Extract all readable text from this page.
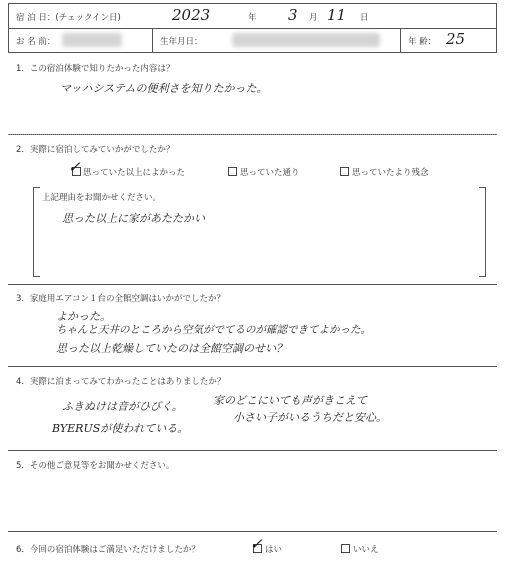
宿 泊 日：(チェックイン日)	2023	年 3 月 11 日
お 名 前：	生年月日：	年 齢： 25
1．この宿泊体験で知りたかった内容は？
マッハシステムの便利さを知りたかった。
2．実際に宿泊してみていかがでしたか？
✓ 思っていた以上によかった	思っていた通り	思っていたより残念
上記理由をお聞かせください。
思った以上に家があたたかい
3．家庭用エアコン１台の全館空調はいかがでしたか？
よかった。
ちゃんと天井のところから空気がでてるのが確認できてよかった。
思った以上乾燥していたのは全館空調のせい？
4．実際に泊まってみてわかったことはありましたか？
ふきぬけは音がひびく。
BYERUSが使われている。
家のどこにいても声がきこえて
小さい子がいるうちだと安心。
5．その他ご意見等をお聞かせください。
6．今回の宿泊体験はご満足いただけましたか？	✓ はい	いいえ
